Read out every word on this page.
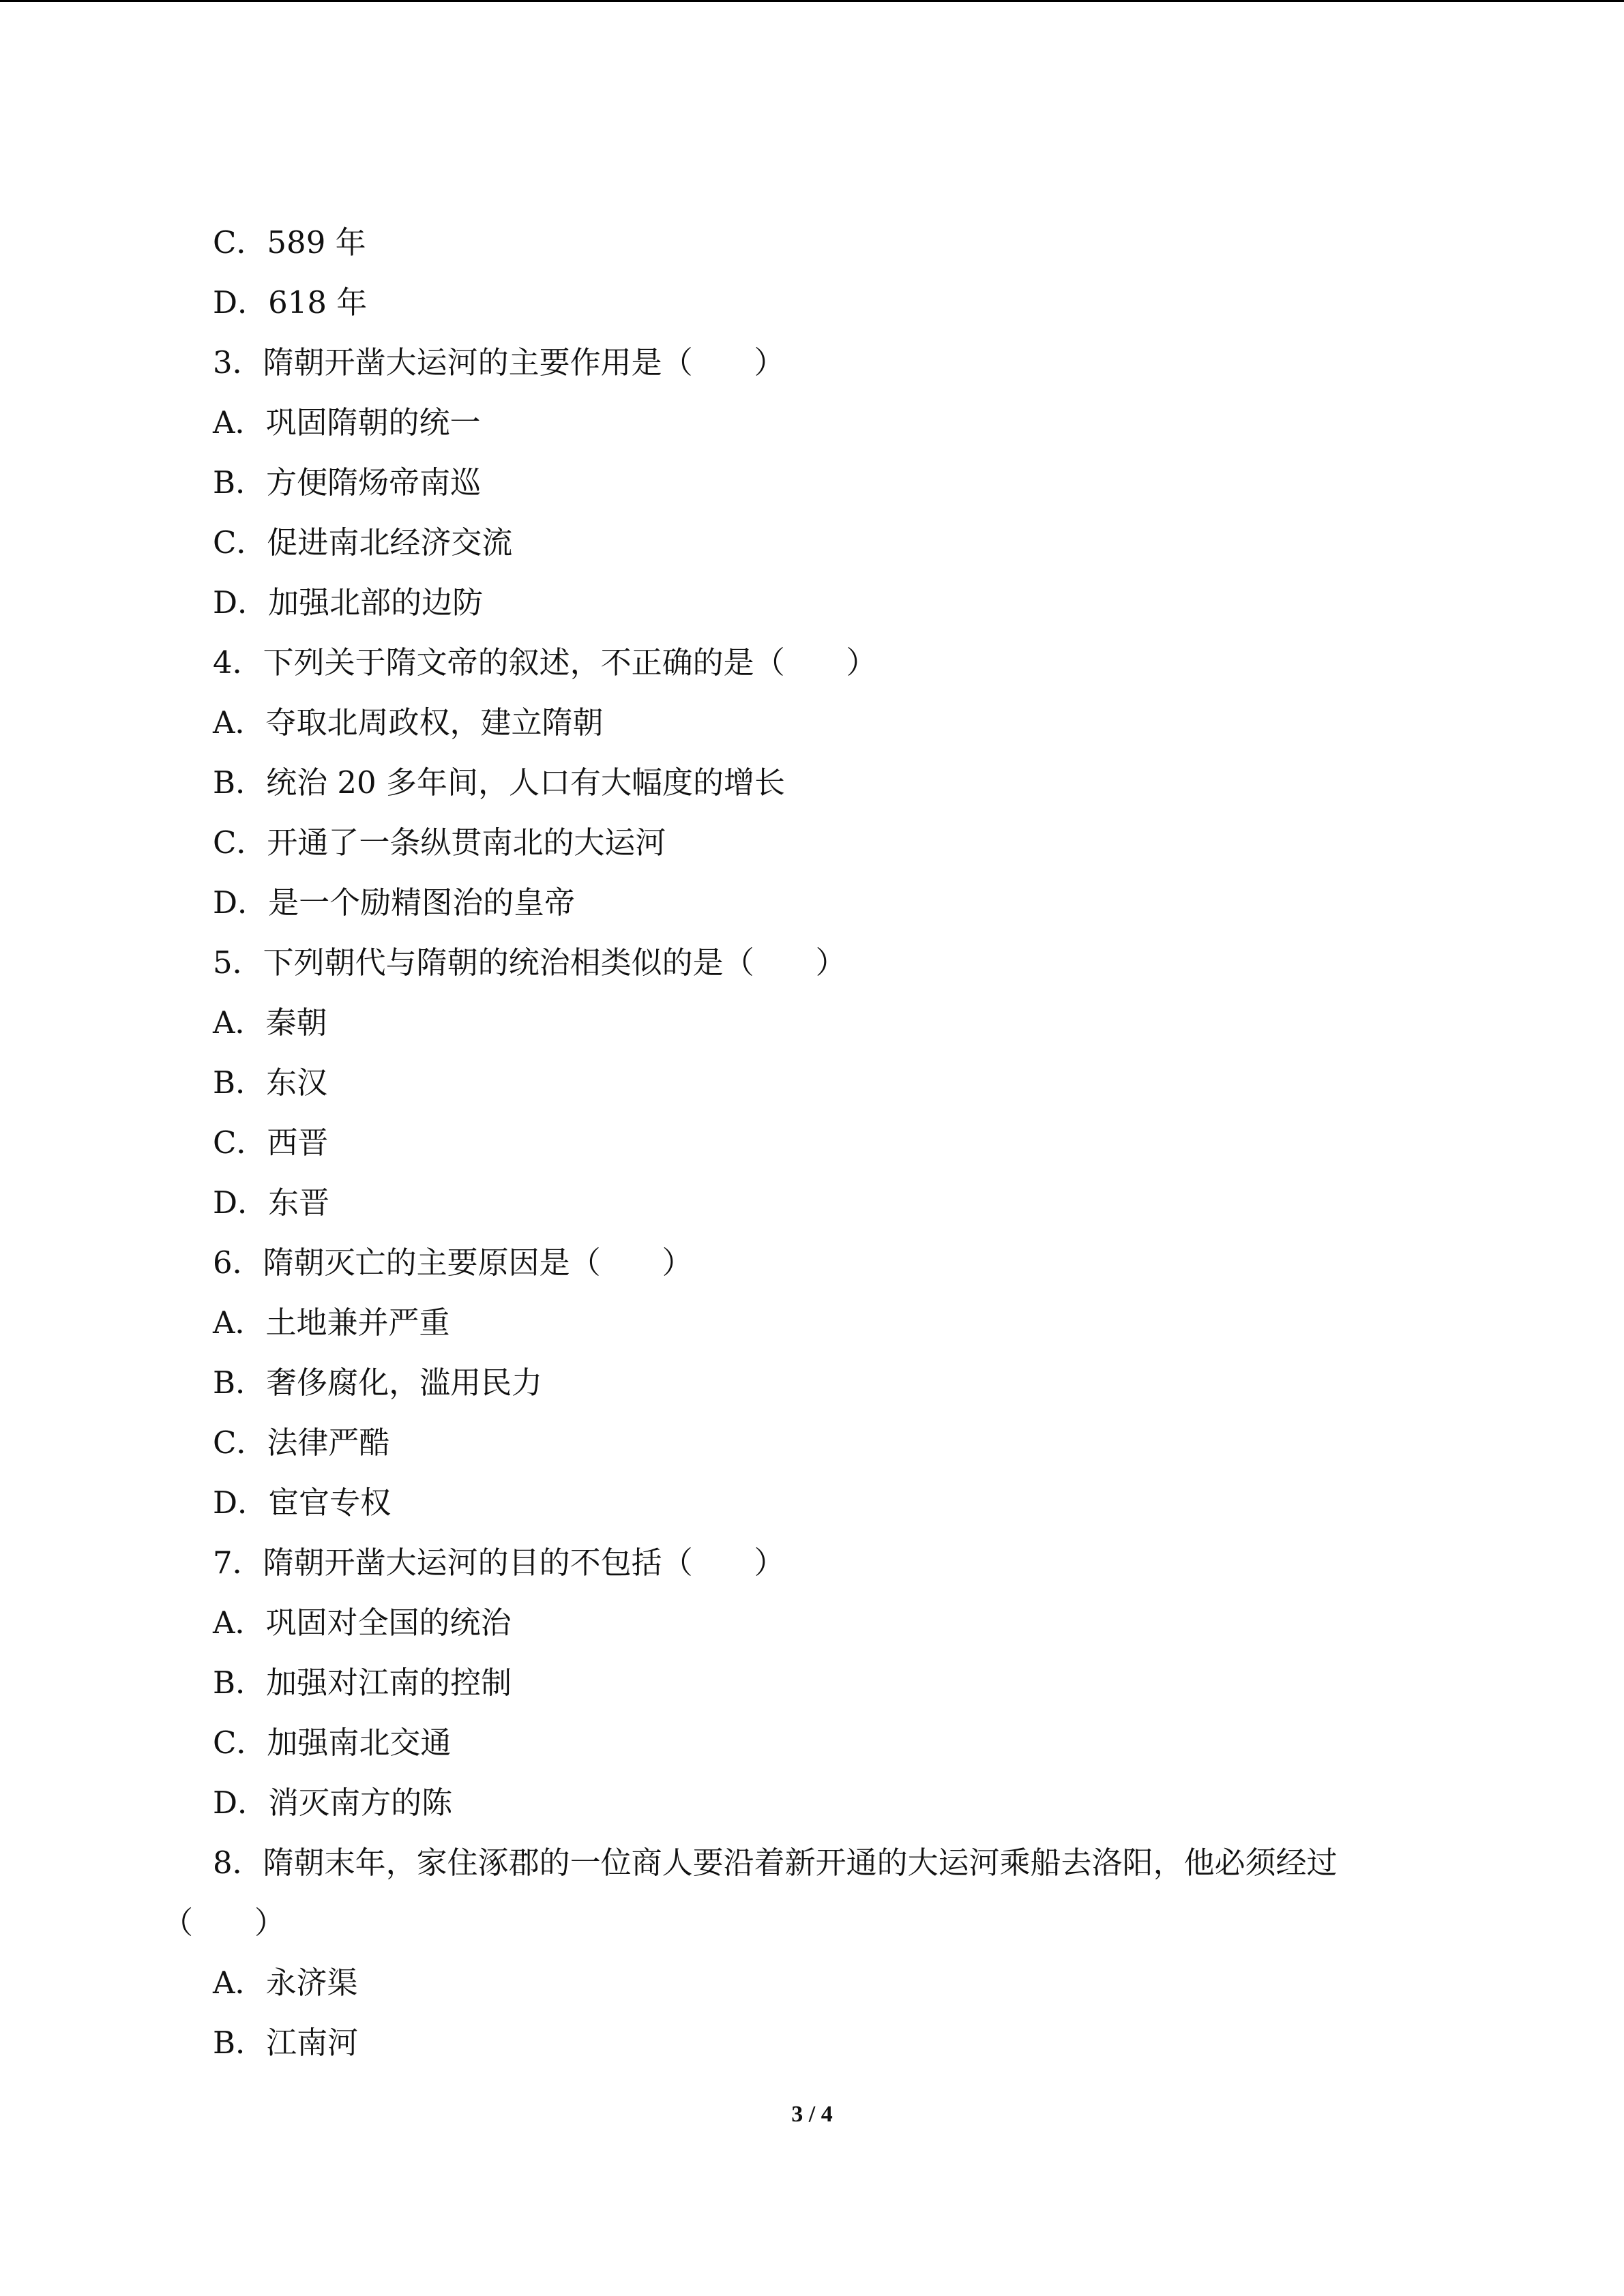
C．589 年
D．618 年
3．隋朝开凿大运河的主要作用是（　　）
A．巩固隋朝的统一
B．方便隋炀帝南巡
C．促进南北经济交流
D．加强北部的边防
4．下列关于隋文帝的叙述，不正确的是（　　）
A．夺取北周政权，建立隋朝
B．统治 20 多年间，人口有大幅度的增长
C．开通了一条纵贯南北的大运河
D．是一个励精图治的皇帝
5．下列朝代与隋朝的统治相类似的是（　　）
A．秦朝
B．东汉
C．西晋
D．东晋
6．隋朝灭亡的主要原因是（　　）
A．土地兼并严重
B．奢侈腐化，滥用民力
C．法律严酷
D．宦官专权
7．隋朝开凿大运河的目的不包括（　　）
A．巩固对全国的统治
B．加强对江南的控制
C．加强南北交通
D．消灭南方的陈
8．隋朝末年，家住涿郡的一位商人要沿着新开通的大运河乘船去洛阳，他必须经过
（　　）
A．永济渠
B．江南河
3 / 4
